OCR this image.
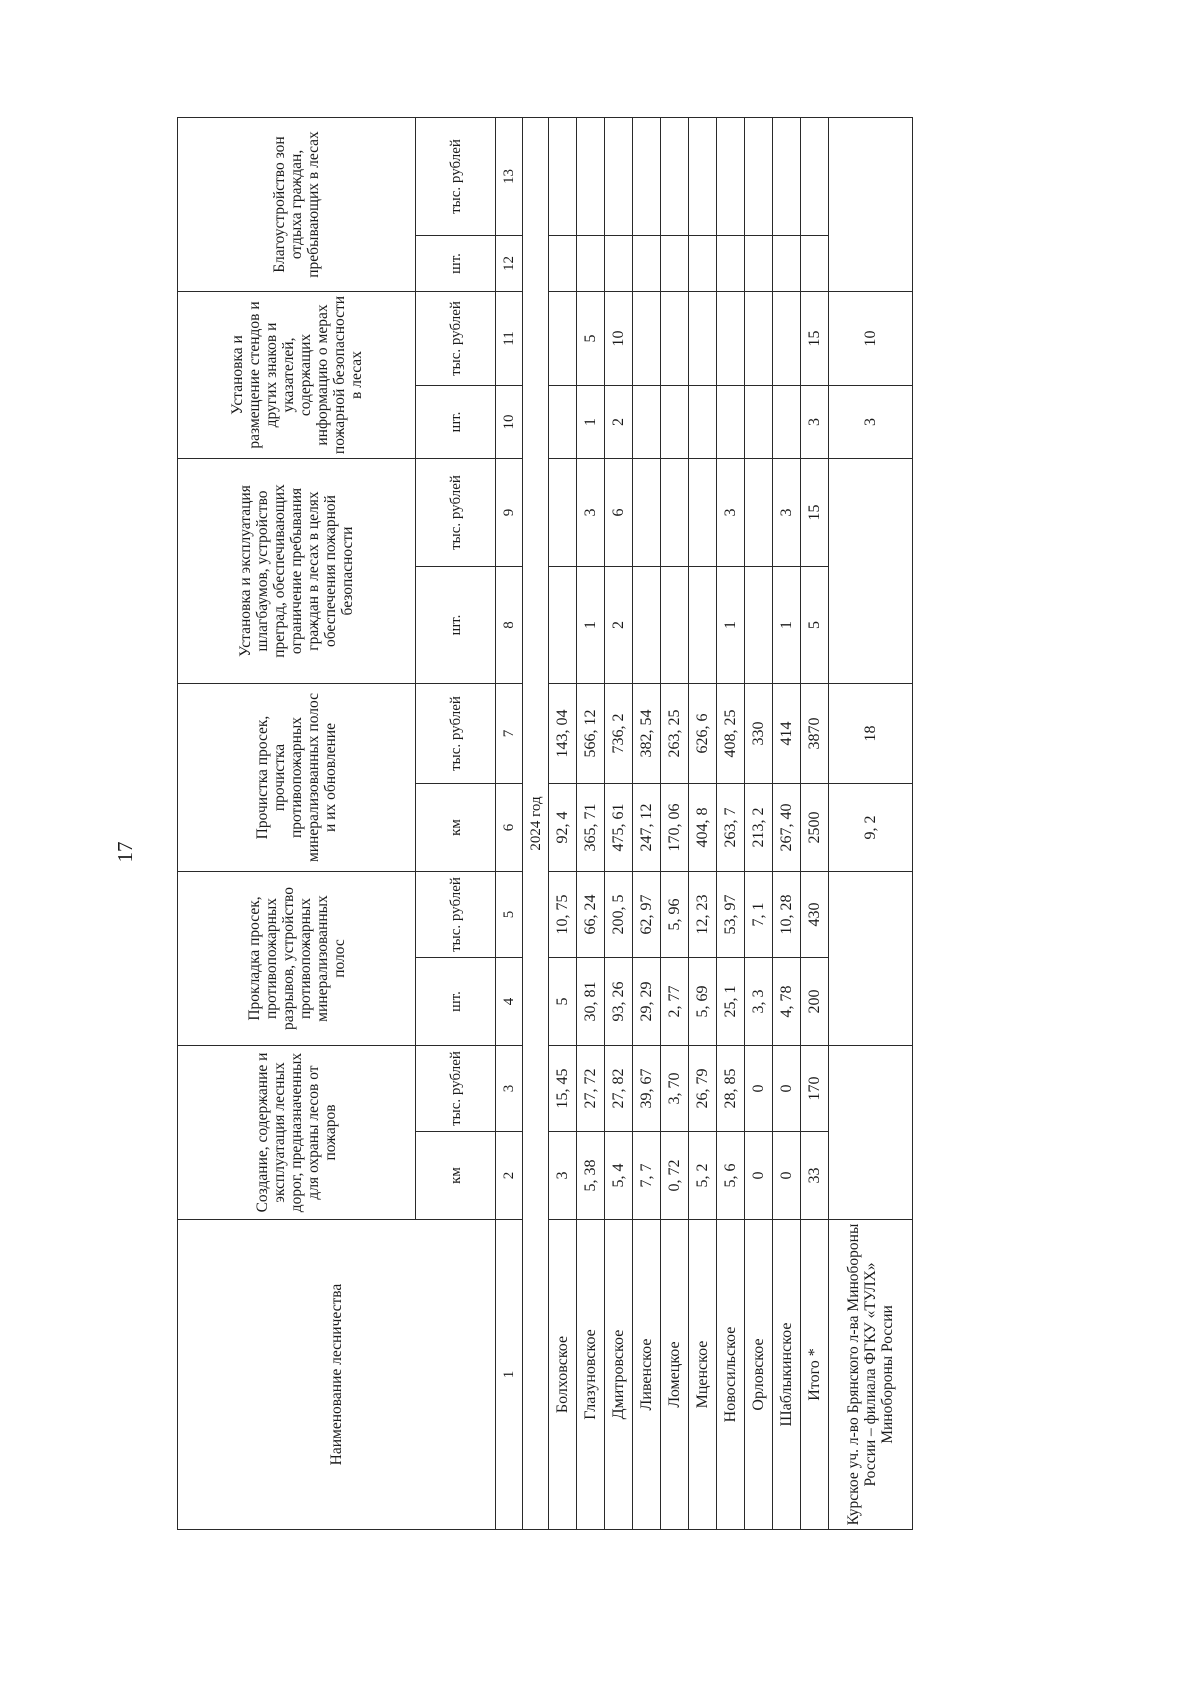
17
Наименование лесничества	Создание, содержание и эксплуатация лесных дорог, предназначенных для охраны лесов от пожаров		Прокладка просек, противопожарных разрывов, устройство противопожарных минерализованных полос		Прочистка просек, прочистка противопожарных минерализованных полос и их обновление		Установка и эксплуатация шлагбаумов, устройство преград, обеспечивающих ограничение пребывания граждан в лесах в целях обеспечения пожарной безопасности		Установка и размещение стендов и других знаков и указателей, содержащих информацию о мерах пожарной безопасности в лесах		Благоустройство зон отдыха граждан, пребывающих в лесах	
	км	тыс. рублей	шт.	тыс. рублей	км	тыс. рублей	шт.	тыс. рублей	шт.	тыс. рублей	шт.	тыс. рублей
1	2	3	4	5	6	7	8	9	10	11	12	13
2024 год												
Болховское	3	15, 45	5	10, 75	92, 4	143, 04						
Глазуновское	5, 38	27, 72	30, 81	66, 24	365, 71	566, 12	1	3	1	5		
Дмитровское	5, 4	27, 82	93, 26	200, 5	475, 61	736, 2	2	6	2	10		
Ливенское	7, 7	39, 67	29, 29	62, 97	247, 12	382, 54						
Ломецкое	0, 72	3, 70	2, 77	5, 96	170, 06	263, 25						
Мценское	5, 2	26, 79	5, 69	12, 23	404, 8	626, 6						
Новосильское	5, 6	28, 85	25, 1	53, 97	263, 7	408, 25	1	3				
Орловское	0	0	3, 3	7, 1	213, 2	330						
Шаблыкинское	0	0	4, 78	10, 28	267, 40	414	1	3				
Итого *	33	170	200	430	2500	3870	5	15	3	15		
Курское уч. л-во Брянского л-ва Минобороны России – филиала ФГКУ «ТУЛХ» Минобороны России					9, 2	18			3	10		
